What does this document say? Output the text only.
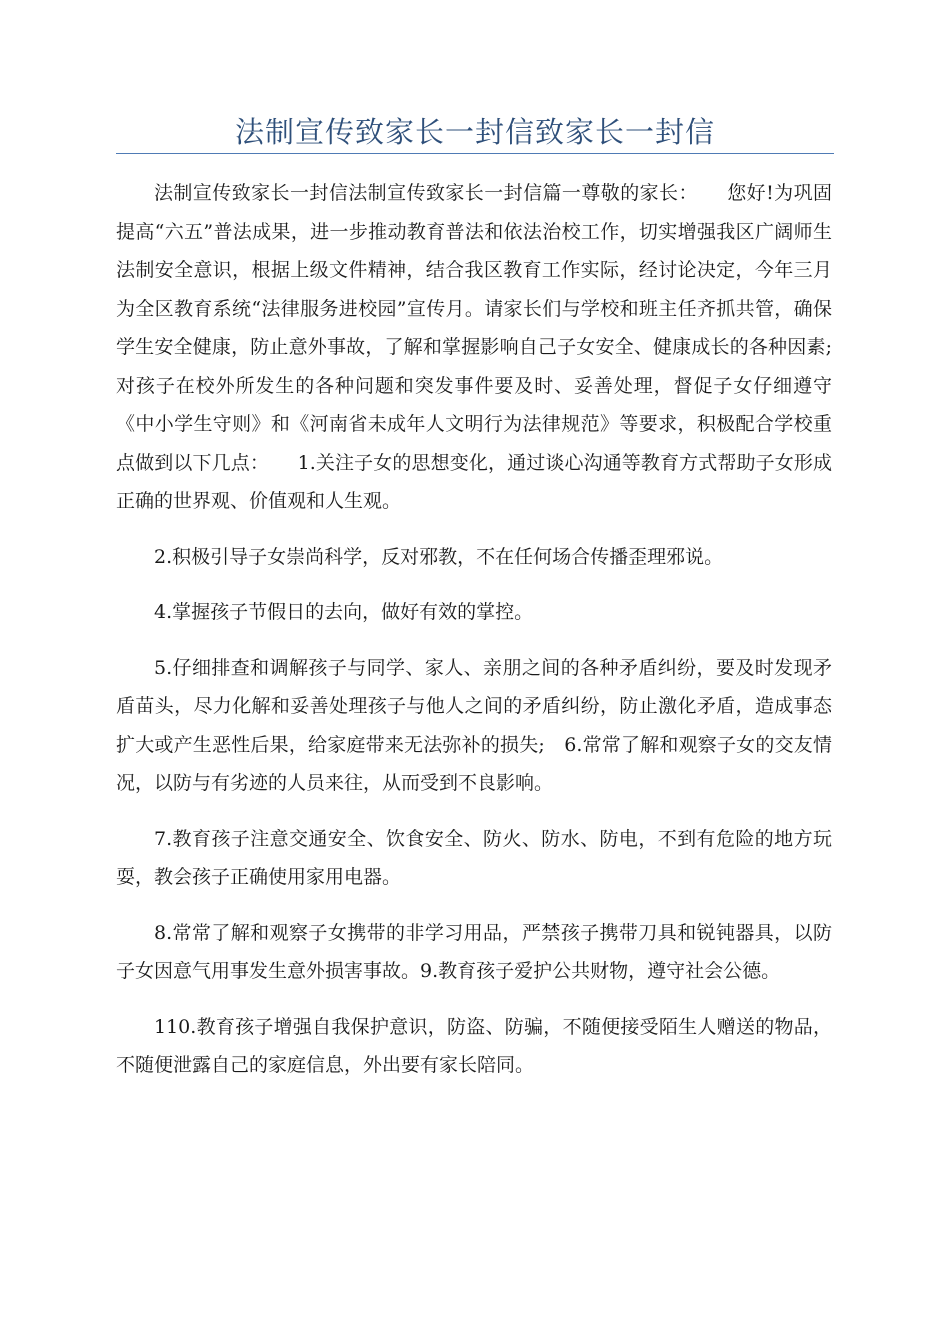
法制宣传致家长一封信致家长一封信

法制宣传致家长一封信法制宣传致家长一封信篇一尊敬的家长：　　您好!为巩固提高“六五”普法成果，进一步推动教育普法和依法治校工作，切实增强我区广阔师生法制安全意识，根据上级文件精神，结合我区教育工作实际，经讨论决定，今年三月为全区教育系统“法律服务进校园”宣传月。请家长们与学校和班主任齐抓共管，确保学生安全健康，防止意外事故，了解和掌握影响自己子女安全、健康成长的各种因素;对孩子在校外所发生的各种问题和突发事件要及时、妥善处理，督促子女仔细遵守《中小学生守则》和《河南省未成年人文明行为法律规范》等要求，积极配合学校重点做到以下几点：　　1.关注子女的思想变化，通过谈心沟通等教育方式帮助子女形成正确的世界观、价值观和人生观。

2.积极引导子女崇尚科学，反对邪教，不在任何场合传播歪理邪说。

4.掌握孩子节假日的去向，做好有效的掌控。

5.仔细排查和调解孩子与同学、家人、亲朋之间的各种矛盾纠纷，要及时发现矛盾苗头，尽力化解和妥善处理孩子与他人之间的矛盾纠纷，防止激化矛盾，造成事态扩大或产生恶性后果，给家庭带来无法弥补的损失;　6.常常了解和观察子女的交友情况，以防与有劣迹的人员来往，从而受到不良影响。

7.教育孩子注意交通安全、饮食安全、防火、防水、防电，不到有危险的地方玩耍，教会孩子正确使用家用电器。

8.常常了解和观察子女携带的非学习用品，严禁孩子携带刀具和锐钝器具，以防子女因意气用事发生意外损害事故。9.教育孩子爱护公共财物，遵守社会公德。

110.教育孩子增强自我保护意识，防盗、防骗，不随便接受陌生人赠送的物品，不随便泄露自己的家庭信息，外出要有家长陪同。
